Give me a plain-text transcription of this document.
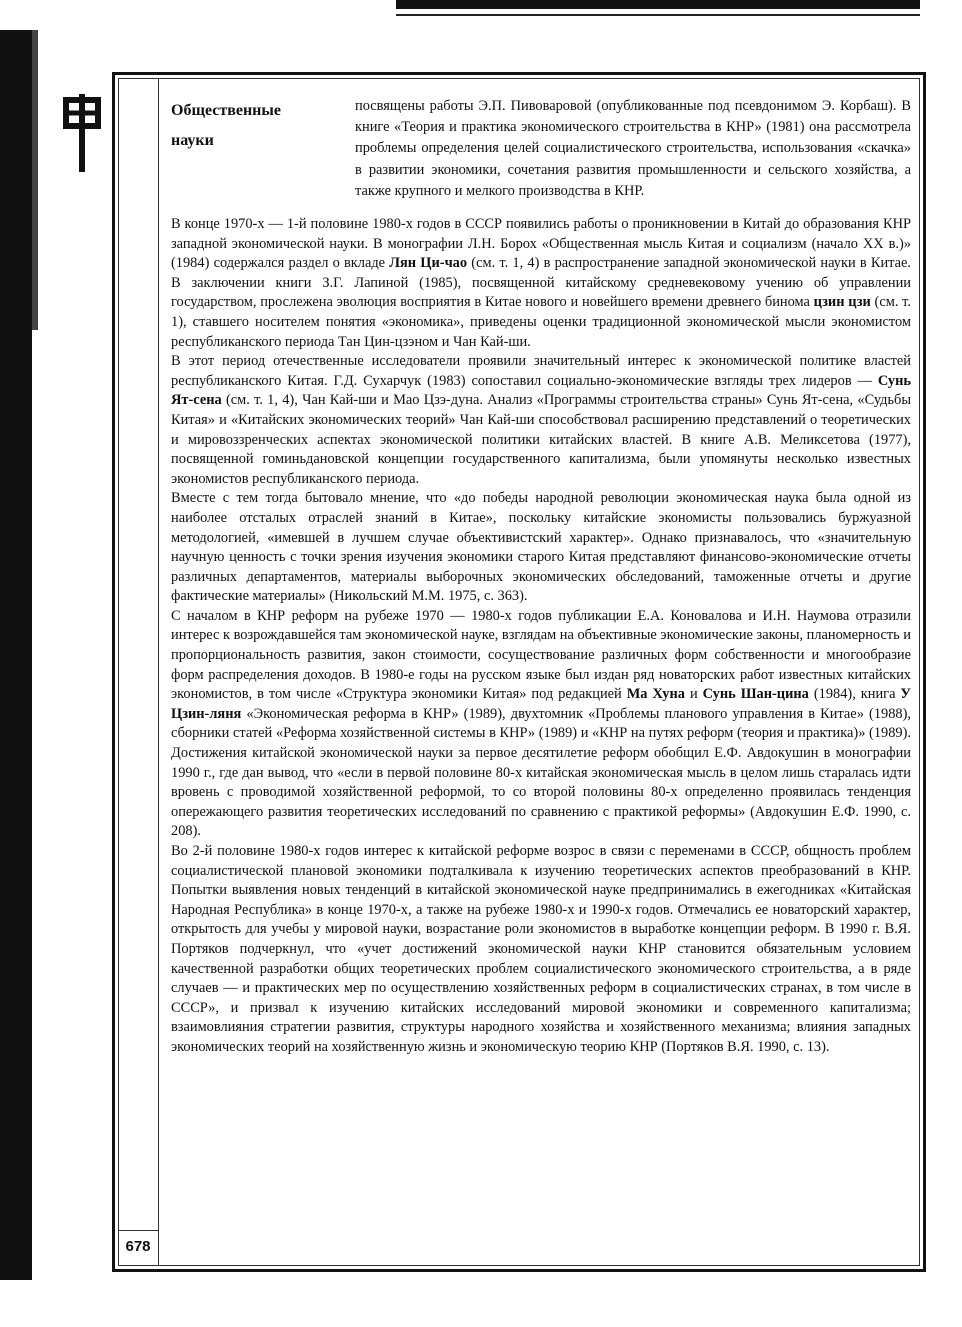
678
Общественные
науки

посвящены работы Э.П. Пивоваровой (опубликованные под псевдонимом Э. Корбаш). В книге «Теория и практика экономического строительства в КНР» (1981) она рассмотрела проблемы определения целей социалистического строительства, использования «скачка» в развитии экономики, сочетания развития промышленности и сельского хозяйства, а также крупного и мелкого производства в КНР.

В конце 1970-х — 1-й половине 1980-х годов в СССР появились работы о проникновении в Китай до образования КНР западной экономической науки. В монографии Л.Н. Борох «Общественная мысль Китая и социализм (начало XX в.)» (1984) содержался раздел о вкладе Лян Ци-чао (см. т. 1, 4) в распространение западной экономической науки в Китае. В заключении книги З.Г. Лапиной (1985), посвященной китайскому средневековому учению об управлении государством, прослежена эволюция восприятия в Китае нового и новейшего времени древнего бинома цзин цзи (см. т. 1), ставшего носителем понятия «экономика», приведены оценки традиционной экономической мысли экономистом республиканского периода Тан Цин-цзэном и Чан Кай-ши.

В этот период отечественные исследователи проявили значительный интерес к экономической политике властей республиканского Китая. Г.Д. Сухарчук (1983) сопоставил социально-экономические взгляды трех лидеров — Сунь Ят-сена (см. т. 1, 4), Чан Кай-ши и Мао Цзэ-дуна. Анализ «Программы строительства страны» Сунь Ят-сена, «Судьбы Китая» и «Китайских экономических теорий» Чан Кай-ши способствовал расширению представлений о теоретических и мировоззренческих аспектах экономической политики китайских властей. В книге А.В. Меликсетова (1977), посвященной гоминьдановской концепции государственного капитализма, были упомянуты несколько известных экономистов республиканского периода.

Вместе с тем тогда бытовало мнение, что «до победы народной революции экономическая наука была одной из наиболее отсталых отраслей знаний в Китае», поскольку китайские экономисты пользовались буржуазной методологией, «имевшей в лучшем случае объективистский характер». Однако признавалось, что «значительную научную ценность с точки зрения изучения экономики старого Китая представляют финансово-экономические отчеты различных департаментов, материалы выборочных экономических обследований, таможенные отчеты и другие фактические материалы» (Никольский М.М. 1975, с. 363).

С началом в КНР реформ на рубеже 1970 — 1980-х годов публикации Е.А. Коновалова и И.Н. Наумова отразили интерес к возрождавшейся там экономической науке, взглядам на объективные экономические законы, планомерность и пропорциональность развития, закон стоимости, сосуществование различных форм собственности и многообразие форм распределения доходов. В 1980-е годы на русском языке был издан ряд новаторских работ известных китайских экономистов, в том числе «Структура экономики Китая» под редакцией Ма Хуна и Сунь Шан-цина (1984), книга У Цзин-ляня «Экономическая реформа в КНР» (1989), двухтомник «Проблемы планового управления в Китае» (1988), сборники статей «Реформа хозяйственной системы в КНР» (1989) и «КНР на путях реформ (теория и практика)» (1989). Достижения китайской экономической науки за первое десятилетие реформ обобщил Е.Ф. Авдокушин в монографии 1990 г., где дан вывод, что «если в первой половине 80-х китайская экономическая мысль в целом лишь старалась идти вровень с проводимой хозяйственной реформой, то со второй половины 80-х определенно проявилась тенденция опережающего развития теоретических исследований по сравнению с практикой реформы» (Авдокушин Е.Ф. 1990, с. 208).

Во 2-й половине 1980-х годов интерес к китайской реформе возрос в связи с переменами в СССР, общность проблем социалистической плановой экономики подталкивала к изучению теоретических аспектов преобразований в КНР. Попытки выявления новых тенденций в китайской экономической науке предпринимались в ежегодниках «Китайская Народная Республика» в конце 1970-х, а также на рубеже 1980-х и 1990-х годов. Отмечались ее новаторский характер, открытость для учебы у мировой науки, возрастание роли экономистов в выработке концепции реформ. В 1990 г. В.Я. Портяков подчеркнул, что «учет достижений экономической науки КНР становится обязательным условием качественной разработки общих теоретических проблем социалистического экономического строительства, а в ряде случаев — и практических мер по осуществлению хозяйственных реформ в социалистических странах, в том числе в СССР», и призвал к изучению китайских исследований мировой экономики и современного капитализма; взаимовлияния стратегии развития, структуры народного хозяйства и хозяйственного механизма; влияния западных экономических теорий на хозяйственную жизнь и экономическую теорию КНР (Портяков В.Я. 1990, с. 13).
